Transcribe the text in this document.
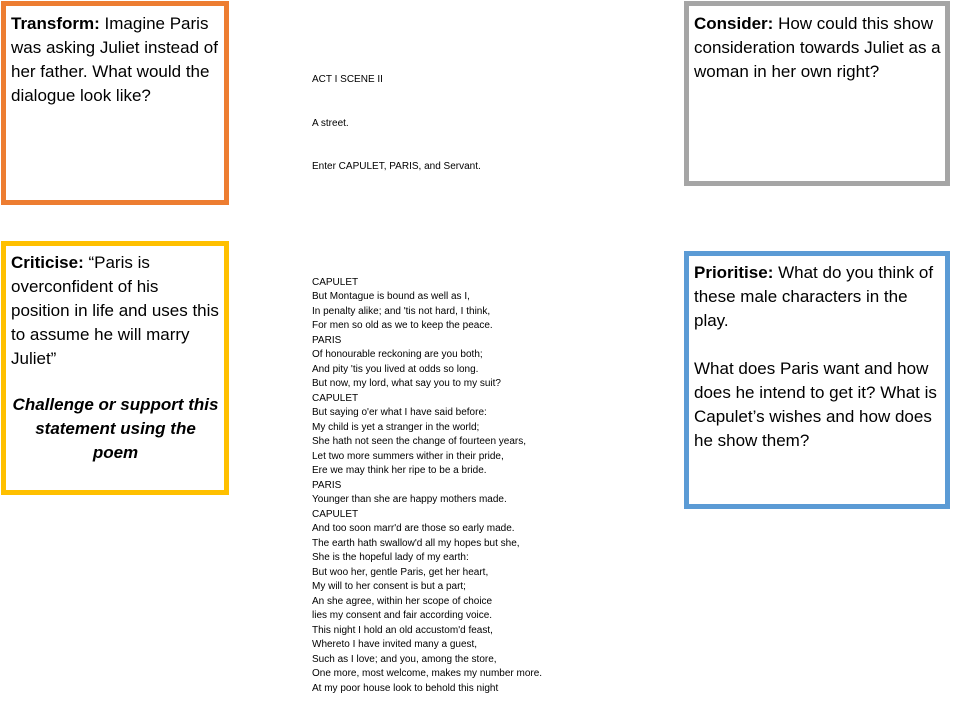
Transform: Imagine Paris was asking Juliet instead of her father. What would the dialogue look like?
Criticise: “Paris is overconfident of his position in life and uses this to assume he will marry Juliet”
Challenge or support this statement using the poem

ACT I SCENE II

A street.

Enter CAPULET, PARIS, and Servant.

CAPULET
But Montague is bound as well as I,
In penalty alike; and 'tis not hard, I think,
For men so old as we to keep the peace.
PARIS
Of honourable reckoning are you both;
And pity 'tis you lived at odds so long.
But now, my lord, what say you to my suit?
CAPULET
But saying o'er what I have said before:
My child is yet a stranger in the world;
She hath not seen the change of fourteen years,
Let two more summers wither in their pride,
Ere we may think her ripe to be a bride.
PARIS
Younger than she are happy mothers made.
CAPULET
And too soon marr'd are those so early made.
The earth hath swallow'd all my hopes but she,
She is the hopeful lady of my earth:
But woo her, gentle Paris, get her heart,
My will to her consent is but a part;
An she agree, within her scope of choice
lies my consent and fair according voice.
This night I hold an old accustom'd feast,
Whereto I have invited many a guest,
Such as I love; and you, among the store,
One more, most welcome, makes my number more.
At my poor house look to behold this night

Consider: How could this show consideration towards Juliet as a woman in her own right?
Prioritise: What do you think of these male characters in the play.
What does Paris want and how does he intend to get it? What is Capulet’s wishes and how does he show them?
